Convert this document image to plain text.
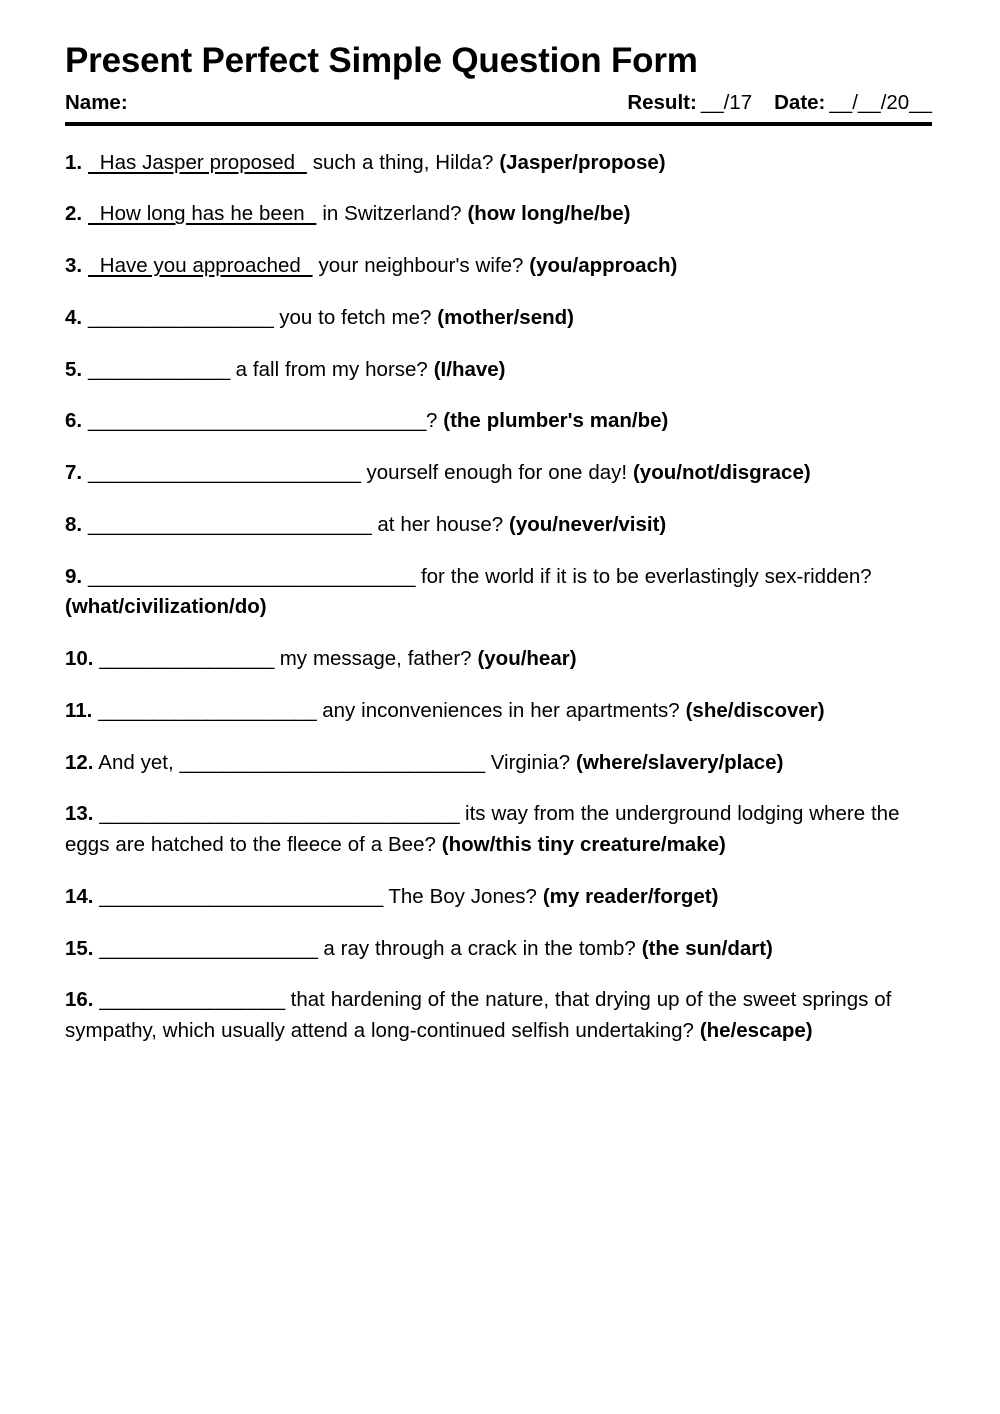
Present Perfect Simple Question Form
Name:	Result: __/17 Date: __/__/20__

1.   Has Jasper proposed   such a thing, Hilda? (Jasper/propose)

2.   How long has he been   in Switzerland? (how long/he/be)

3.   Have you approached   your neighbour's wife? (you/approach)

4. _________________ you to fetch me? (mother/send)

5. _____________ a fall from my horse? (I/have)

6. _______________________________? (the plumber's man/be)

7. _________________________ yourself enough for one day! (you/not/disgrace)

8. __________________________ at her house? (you/never/visit)

9. ______________________________ for the world if it is to be everlastingly sex-ridden? (what/civilization/do)

10. ________________ my message, father? (you/hear)

11. ____________________ any inconveniences in her apartments? (she/discover)

12. And yet, ____________________________ Virginia? (where/slavery/place)

13. _________________________________ its way from the underground lodging where the eggs are hatched to the fleece of a Bee? (how/this tiny creature/make)

14. __________________________ The Boy Jones? (my reader/forget)

15. ____________________ a ray through a crack in the tomb? (the sun/dart)

16. _________________ that hardening of the nature, that drying up of the sweet springs of sympathy, which usually attend a long-continued selfish undertaking? (he/escape)
